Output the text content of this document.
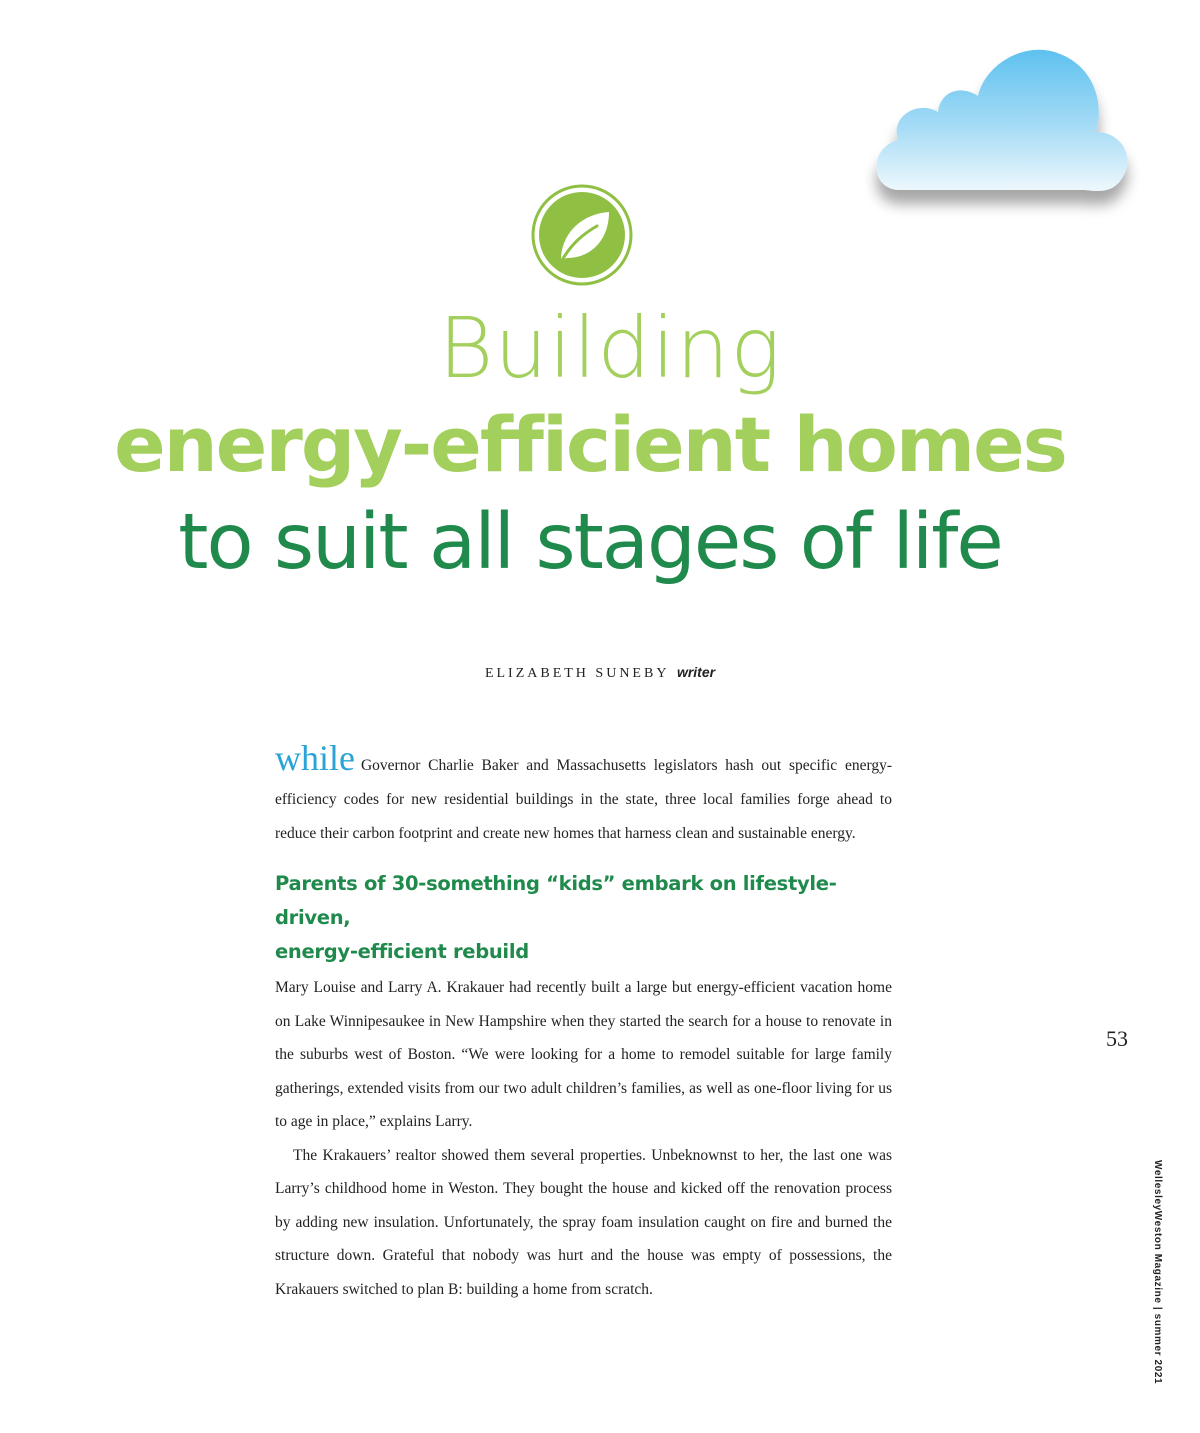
Building
energy-efficient homes
to suit all stages of life
ELIZABETH SUNEBY writer

while Governor Charlie Baker and Massachusetts legislators hash out specific energy-efficiency codes for new residential buildings in the state, three local families forge ahead to reduce their carbon footprint and create new homes that harness clean and sustainable energy.

Parents of 30-something “kids” embark on lifestyle-driven,
energy-efficient rebuild

Mary Louise and Larry A. Krakauer had recently built a large but energy-efficient vacation home on Lake Winnipesaukee in New Hampshire when they started the search for a house to renovate in the suburbs west of Boston. “We were looking for a home to remodel suitable for large family gatherings, extended visits from our two adult children’s families, as well as one-floor living for us to age in place,” explains Larry.

The Krakauers’ realtor showed them several properties. Unbeknownst to her, the last one was Larry’s childhood home in Weston. They bought the house and kicked off the renovation process by adding new insulation. Unfortunately, the spray foam insulation caught on fire and burned the structure down. Grateful that nobody was hurt and the house was empty of possessions, the Krakauers switched to plan B: building a home from scratch.	WellesleyWeston Magazine | summer 2021
53
